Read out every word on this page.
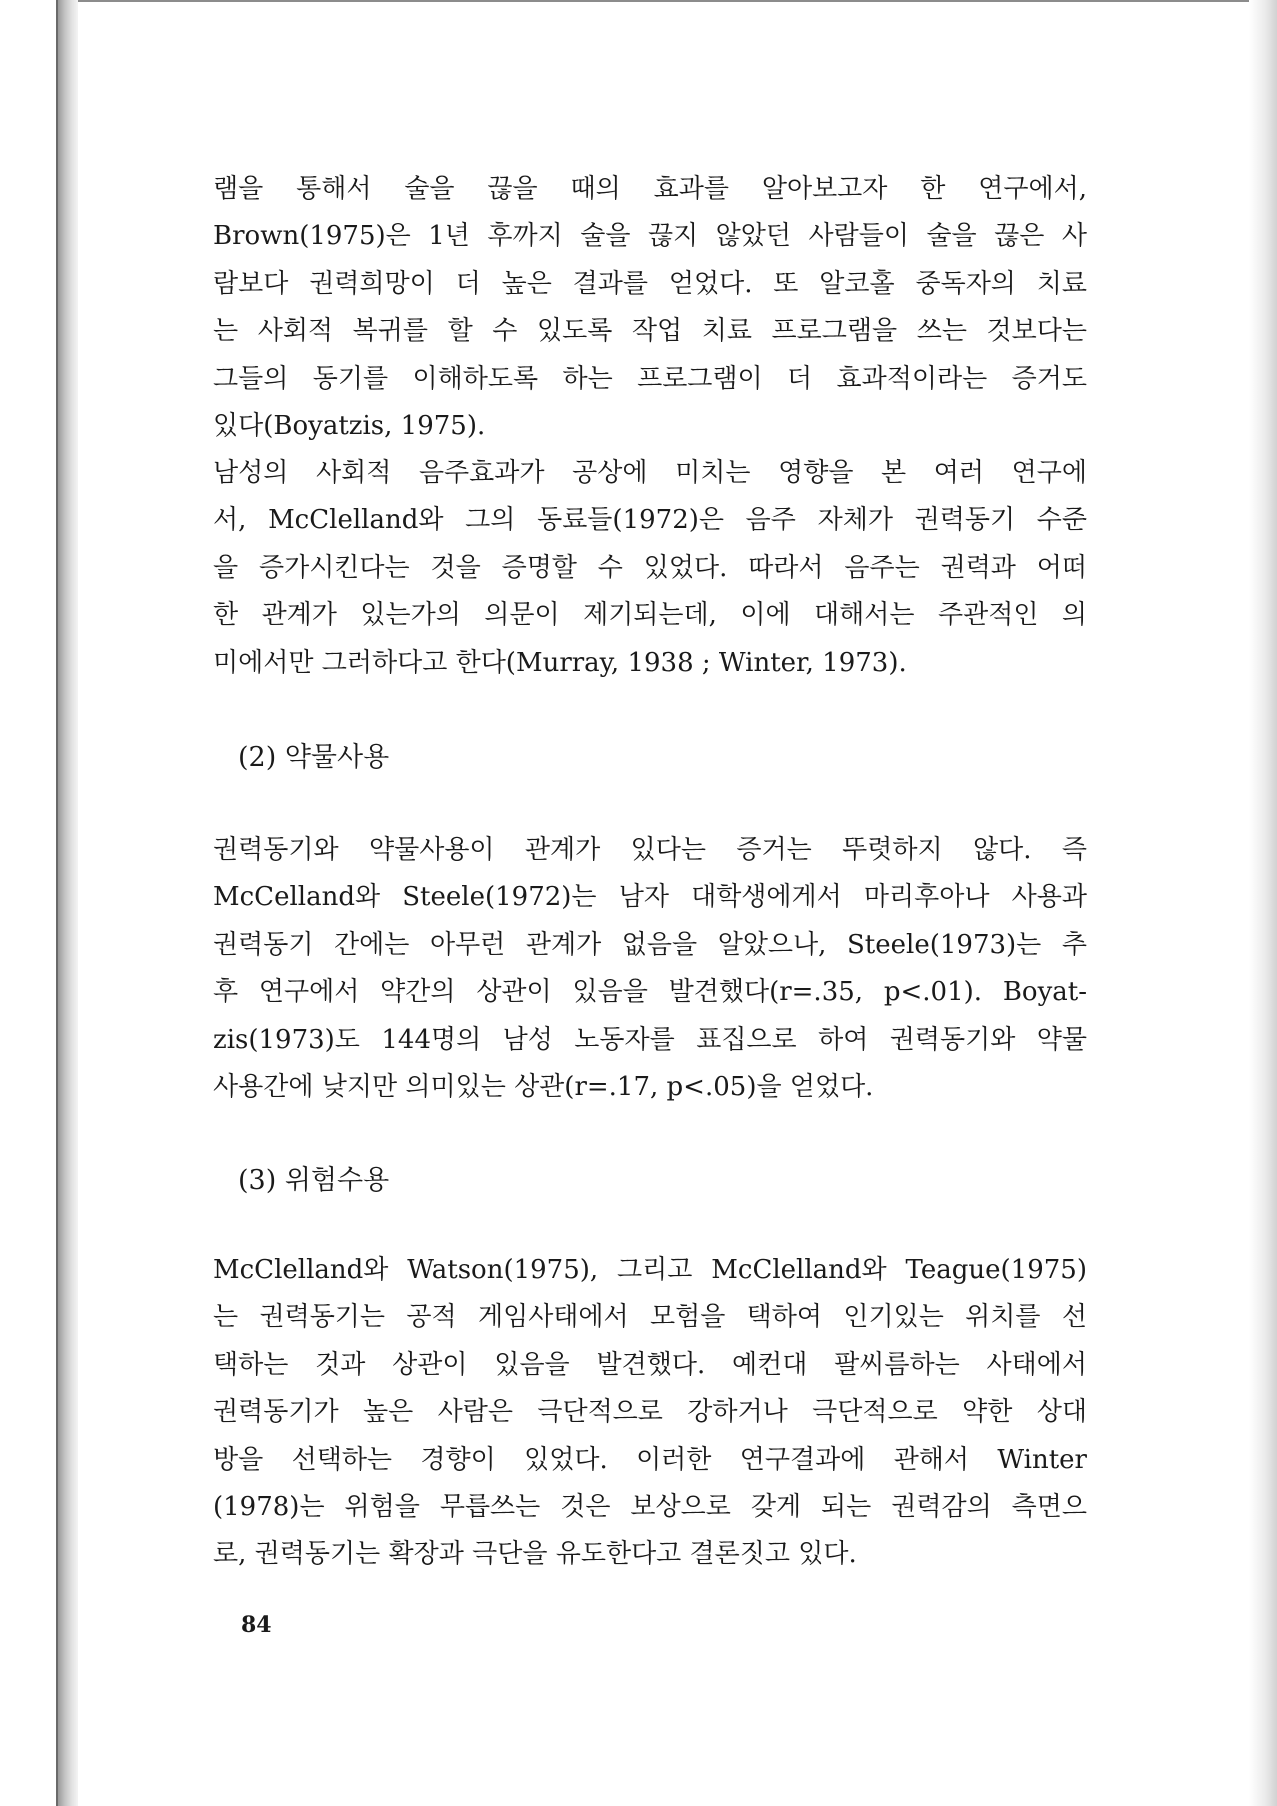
램을 통해서 술을 끊을 때의 효과를 알아보고자 한 연구에서,
Brown(1975)은 1년 후까지 술을 끊지 않았던 사람들이 술을 끊은 사
람보다 권력희망이 더 높은 결과를 얻었다. 또 알코홀 중독자의 치료
는 사회적 복귀를 할 수 있도록 작업 치료 프로그램을 쓰는 것보다는
그들의 동기를 이해하도록 하는 프로그램이 더 효과적이라는 증거도
있다(Boyatzis, 1975).
남성의 사회적 음주효과가 공상에 미치는 영향을 본 여러 연구에
서, McClelland와 그의 동료들(1972)은 음주 자체가 권력동기 수준
을 증가시킨다는 것을 증명할 수 있었다. 따라서 음주는 권력과 어떠
한 관계가 있는가의 의문이 제기되는데, 이에 대해서는 주관적인 의
미에서만 그러하다고 한다(Murray, 1938 ; Winter, 1973).
(2) 약물사용
권력동기와 약물사용이 관계가 있다는 증거는 뚜렷하지 않다. 즉
McCelland와 Steele(1972)는 남자 대학생에게서 마리후아나 사용과
권력동기 간에는 아무런 관계가 없음을 알았으나, Steele(1973)는 추
후 연구에서 약간의 상관이 있음을 발견했다(r=.35, p<.01). Boyat-
zis(1973)도 144명의 남성 노동자를 표집으로 하여 권력동기와 약물
사용간에 낮지만 의미있는 상관(r=.17, p<.05)을 얻었다.
(3) 위험수용
McClelland와 Watson(1975), 그리고 McClelland와 Teague(1975)
는 권력동기는 공적 게임사태에서 모험을 택하여 인기있는 위치를 선
택하는 것과 상관이 있음을 발견했다. 예컨대 팔씨름하는 사태에서
권력동기가 높은 사람은 극단적으로 강하거나 극단적으로 약한 상대
방을 선택하는 경향이 있었다. 이러한 연구결과에 관해서 Winter
(1978)는 위험을 무릅쓰는 것은 보상으로 갖게 되는 권력감의 측면으
로, 권력동기는 확장과 극단을 유도한다고 결론짓고 있다.
84
